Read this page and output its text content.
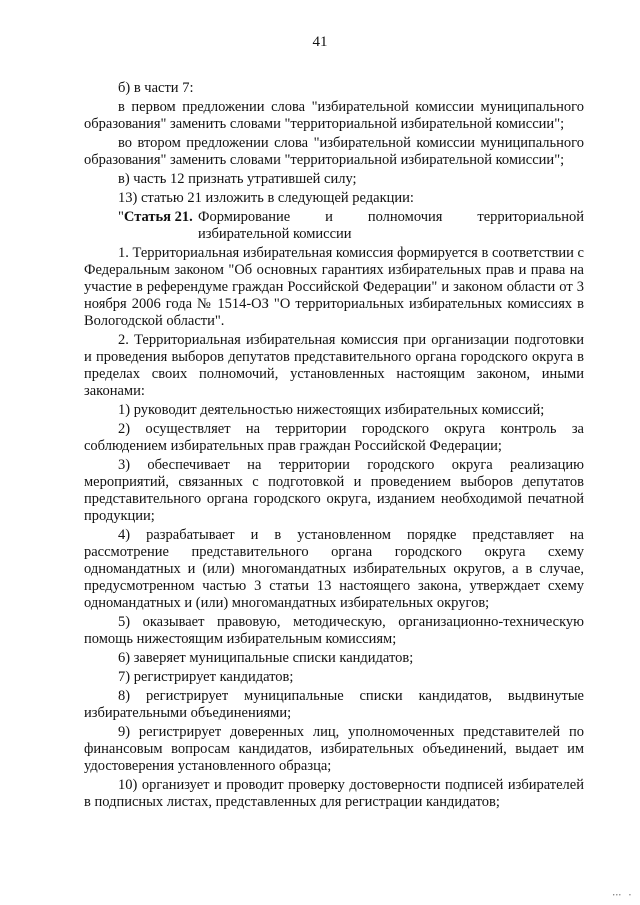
41

б) в части 7:

в первом предложении слова "избирательной комиссии муниципального образования" заменить словами "территориальной избирательной комиссии";

во втором предложении слова "избирательной комиссии муниципального образования" заменить словами "территориальной избирательной комиссии";

в) часть 12 признать утратившей силу;

13) статью 21 изложить в следующей редакции:

"Статья 21. Формирование и полномочия территориальной избирательной комиссии

1. Территориальная избирательная комиссия формируется в соответствии с Федеральным законом "Об основных гарантиях избирательных прав и права на участие в референдуме граждан Российской Федерации" и законом области от 3 ноября 2006 года № 1514-ОЗ "О территориальных избирательных комиссиях в Вологодской области".

2. Территориальная избирательная комиссия при организации подготовки и проведения выборов депутатов представительного органа городского округа в пределах своих полномочий, установленных настоящим законом, иными законами:

1) руководит деятельностью нижестоящих избирательных комиссий;

2) осуществляет на территории городского округа контроль за соблюдением избирательных прав граждан Российской Федерации;

3) обеспечивает на территории городского округа реализацию мероприятий, связанных с подготовкой и проведением выборов депутатов представительного органа городского округа, изданием необходимой печатной продукции;

4) разрабатывает и в установленном порядке представляет на рассмотрение представительного органа городского округа схему одномандатных и (или) многомандатных избирательных округов, а в случае, предусмотренном частью 3 статьи 13 настоящего закона, утверждает схему одномандатных и (или) многомандатных избирательных округов;

5) оказывает правовую, методическую, организационно-техническую помощь нижестоящим избирательным комиссиям;

6) заверяет муниципальные списки кандидатов;

7) регистрирует кандидатов;

8) регистрирует муниципальные списки кандидатов, выдвинутые избирательными объединениями;

9) регистрирует доверенных лиц, уполномоченных представителей по финансовым вопросам кандидатов, избирательных объединений, выдает им удостоверения установленного образца;

10) организует и проводит проверку достоверности подписей избирателей в подписных листах, представленных для регистрации кандидатов;

••• •
